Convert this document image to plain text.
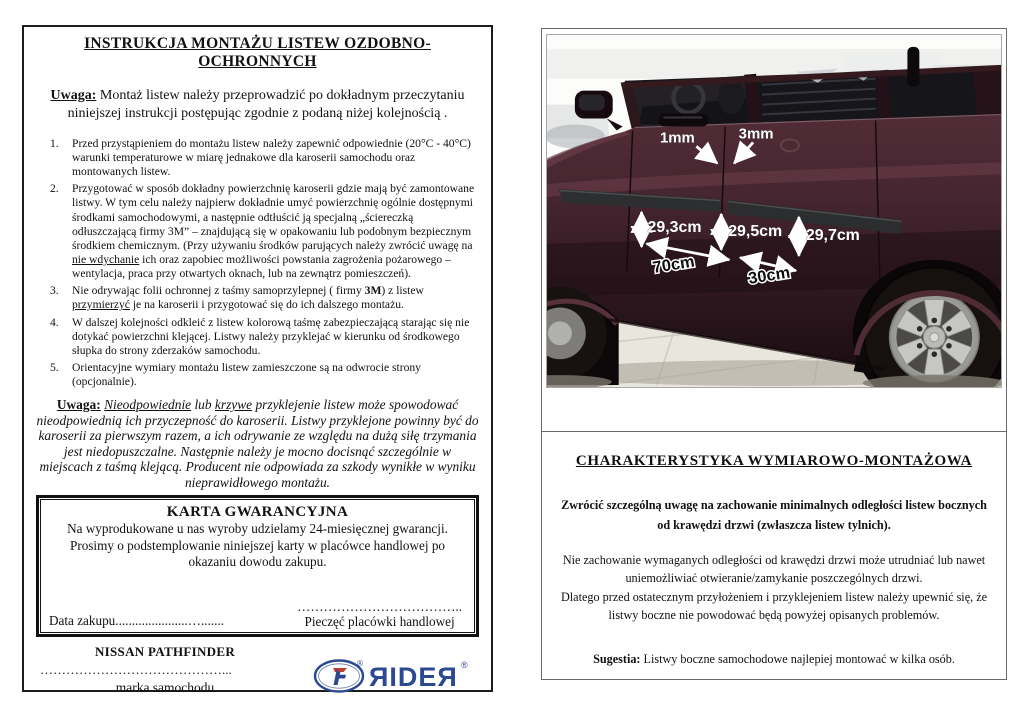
INSTRUKCJA MONTAŻU LISTEW OZDOBNO-OCHRONNYCH
Uwaga: Montaż listew należy przeprowadzić po dokładnym przeczytaniu niniejszej instrukcji postępując zgodnie z podaną niżej kolejnością .
1.	Przed przystąpieniem do montażu listew należy zapewnić odpowiednie (20°C - 40°C) warunki temperaturowe w miarę jednakowe dla karoserii samochodu oraz montowanych listew.
2.	Przygotować w sposób dokładny powierzchnię karoserii gdzie mają być zamontowane listwy. W tym celu należy najpierw dokładnie umyć powierzchnię ogólnie dostępnymi środkami samochodowymi, a następnie odtłuścić ją specjalną „ściereczką odłuszczającą firmy 3M” – znajdującą się w opakowaniu lub podobnym bezpiecznym środkiem chemicznym. (Przy używaniu środków parujących należy zwrócić uwagę na nie wdychanie ich oraz zapobiec możliwości powstania zagrożenia pożarowego – wentylacja, praca przy otwartych oknach, lub na zewnątrz pomieszczeń).
3.	Nie odrywając folii ochronnej z taśmy samoprzylepnej ( firmy 3M) z listew przymierzyć je na karoserii i przygotować się do ich dalszego montażu.
4.	W dalszej kolejności odkleić z listew kolorową taśmę zabezpieczającą starając się nie dotykać powierzchni klejącej. Listwy należy przyklejać w kierunku od środkowego słupka do strony zderzaków samochodu.
5.	Orientacyjne wymiary montażu listew zamieszczone są na odwrocie strony (opcjonalnie).
Uwaga: Nieodpowiednie lub krzywe przyklejenie listew może spowodować nieodpowiednią ich przyczepność do karoserii. Listwy przyklejone powinny być do karoserii za pierwszym razem, a ich odrywanie ze względu na dużą siłę trzymania jest niedopuszczalne. Następnie należy je mocno docisnąć szczególnie w miejscach z taśmą klejącą. Producent nie odpowiada za szkody wynikłe w wyniku nieprawidłowego montażu.
KARTA GWARANCYJNA
Na wyprodukowane u nas wyroby udzielamy 24-miesięcznej gwarancji.
Prosimy o podstemplowanie niniejszej karty w placówce handlowej po okazaniu dowodu zakupu.
Data zakupu......................….......
………………………………..
Pieczęć placówki handlowej
NISSAN PATHFINDER
……………………………………...
marka samochodu
® ЯIDEЯ ®
1mm	3mm
29,3cm 29,5cm 29,7cm
70cm	30cm
CHARAKTERYSTYKA WYMIAROWO-MONTAŻOWA
Zwrócić szczególną uwagę na zachowanie minimalnych odległości listew bocznych od krawędzi drzwi (zwłaszcza listew tylnich).
Nie zachowanie wymaganych odległości od krawędzi drzwi może utrudniać lub nawet uniemożliwiać otwieranie/zamykanie poszczególnych drzwi.
Dlatego przed ostatecznym przyłożeniem i przyklejeniem listew należy upewnić się, że listwy boczne nie powodować będą powyżej opisanych problemów.
Sugestia: Listwy boczne samochodowe najlepiej montować w kilka osób.
